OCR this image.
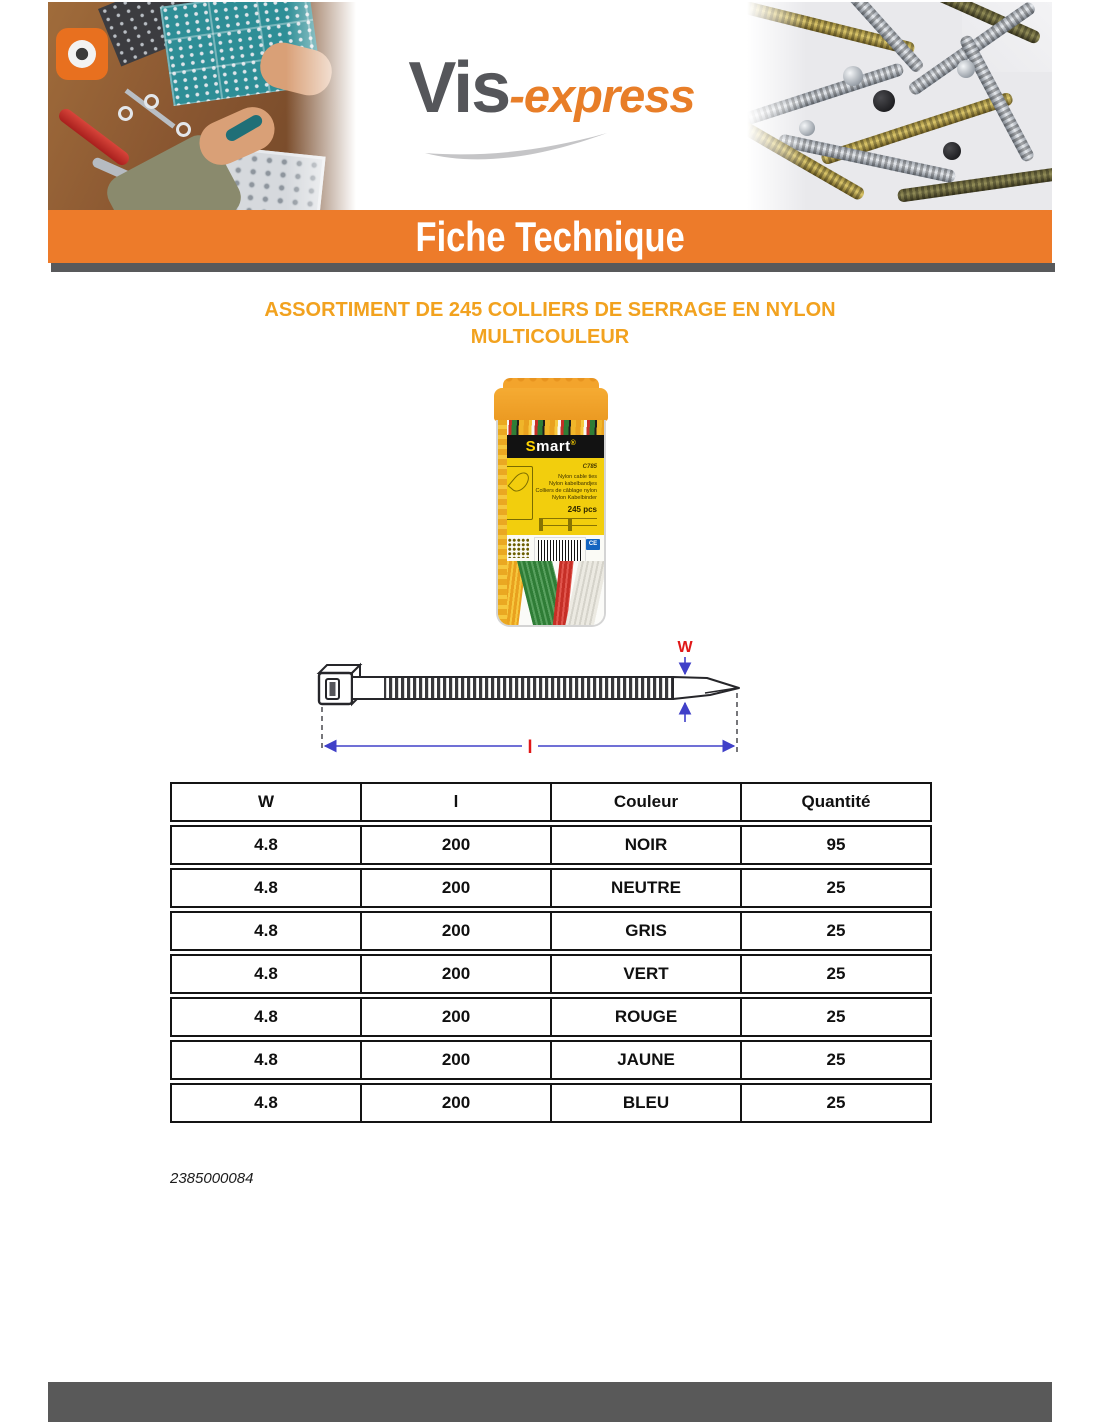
Vis-express
Fiche Technique
ASSORTIMENT DE 245 COLLIERS DE SERRAGE EN NYLON
MULTICOULEUR
Smart®
C785
Nylon cable ties
Nylon kabelbandjes
Colliers de câblage nylon
Nylon Kabelbinder
245 pcs
CE
W
l
W	l	Couleur	Quantité
4.8	200	NOIR	95
4.8	200	NEUTRE	25
4.8	200	GRIS	25
4.8	200	VERT	25
4.8	200	ROUGE	25
4.8	200	JAUNE	25
4.8	200	BLEU	25
2385000084
